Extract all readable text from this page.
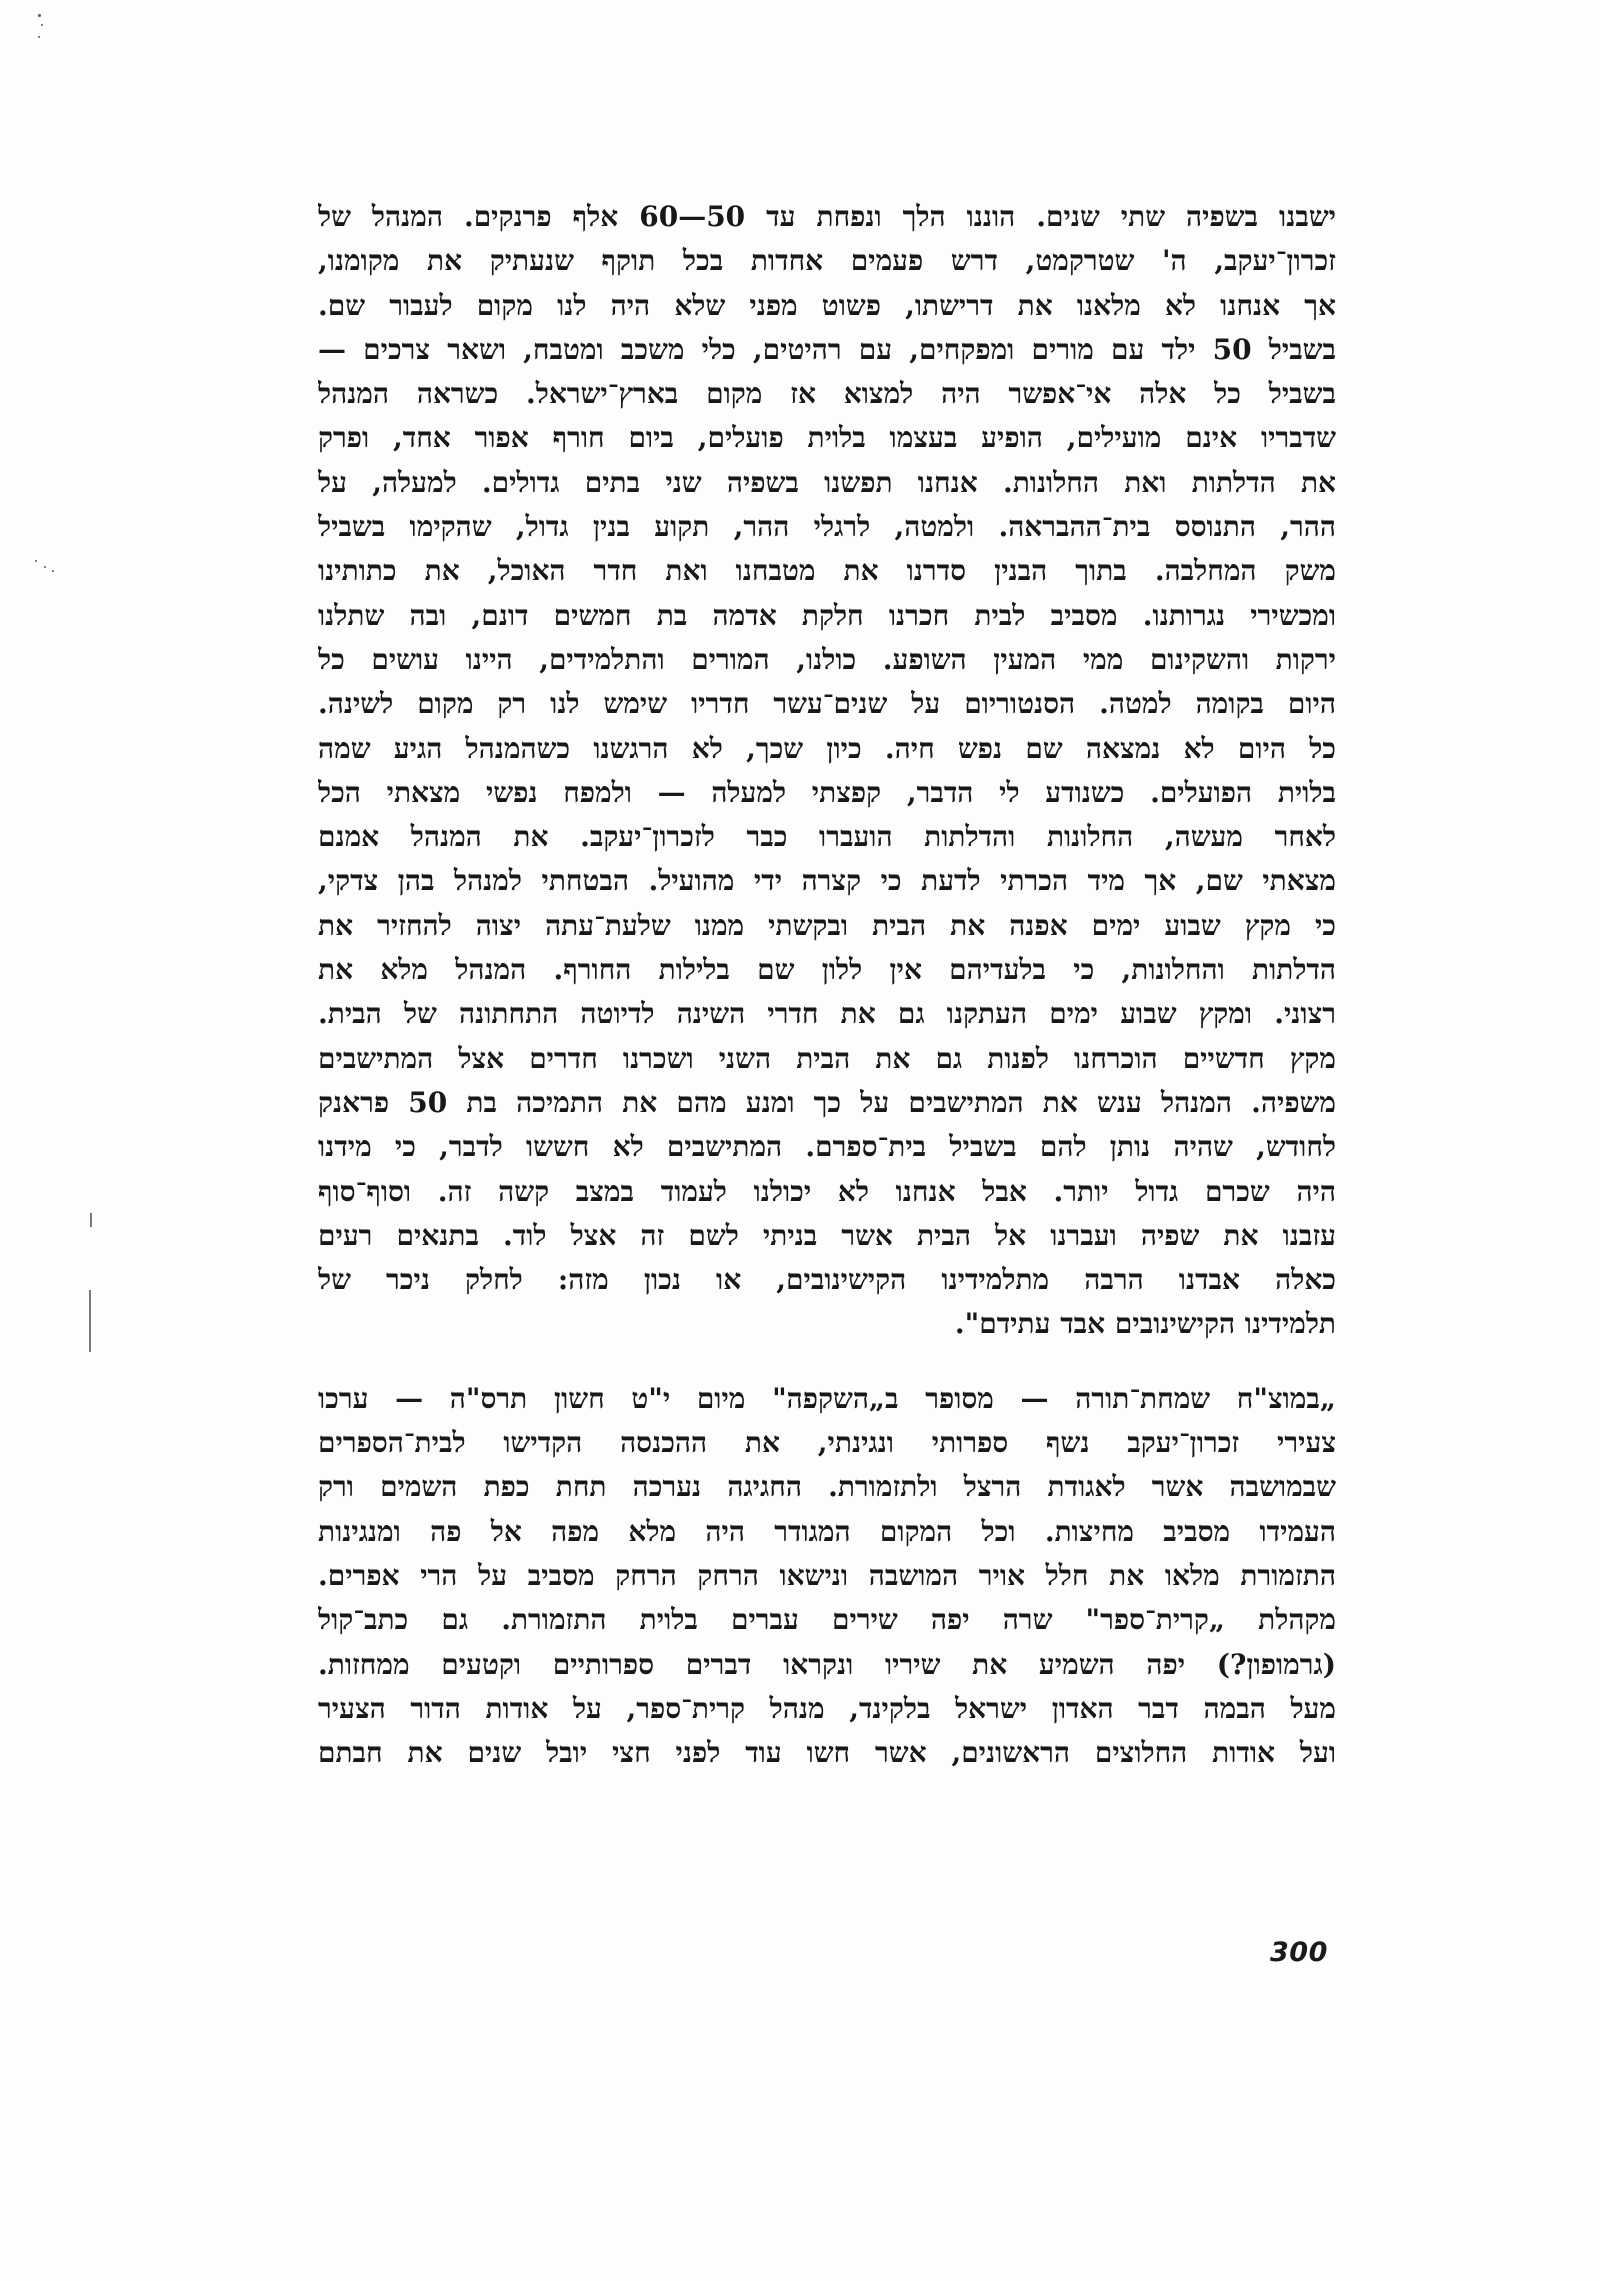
ישבנו בשפיה שתי שנים. הוננו הלך ונפחת עד 50—60 אלף פרנקים. המנהל של
זכרון־יעקב, ה' שטרקמט, דרש פעמים אחדות בכל תוקף שנעתיק את מקומנו,
אך אנחנו לא מלאנו את דרישתו, פשוט מפני שלא היה לנו מקום לעבור שם.
בשביל 50 ילד עם מורים ומפקחים, עם רהיטים, כלי משכב ומטבח, ושאר צרכים —
בשביל כל אלה אי־אפשר היה למצוא אז מקום בארץ־ישראל. כשראה המנהל
שדבריו אינם מועילים, הופיע בעצמו בלוית פועלים, ביום חורף אפור אחד, ופרק
את הדלתות ואת החלונות. אנחנו תפשנו בשפיה שני בתים גדולים. למעלה, על
ההר, התנוסס בית־ההבראה. ולמטה, לרגלי ההר, תקוע בנין גדול, שהקימו בשביל
משק המחלבה. בתוך הבנין סדרנו את מטבחנו ואת חדר האוכל, את כתותינו
ומכשירי נגרותנו. מסביב לבית חכרנו חלקת אדמה בת חמשים דונם, ובה שתלנו
ירקות והשקינום ממי המעין השופע. כולנו, המורים והתלמידים, היינו עושים כל
היום בקומה למטה. הסנטוריום על שנים־עשר חדריו שימש לנו רק מקום לשינה.
כל היום לא נמצאה שם נפש חיה. כיון שכך, לא הרגשנו כשהמנהל הגיע שמה
בלוית הפועלים. כשנודע לי הדבר, קפצתי למעלה — ולמפח נפשי מצאתי הכל
לאחר מעשה, החלונות והדלתות הועברו כבר לזכרון־יעקב. את המנהל אמנם
מצאתי שם, אך מיד הכרתי לדעת כי קצרה ידי מהועיל. הבטחתי למנהל בהן צדקי,
כי מקץ שבוע ימים אפנה את הבית ובקשתי ממנו שלעת־עתה יצוה להחזיר את
הדלתות והחלונות, כי בלעדיהם אין ללון שם בלילות החורף. המנהל מלא את
רצוני. ומקץ שבוע ימים העתקנו גם את חדרי השינה לדיוטה התחתונה של הבית.
מקץ חדשיים הוכרחנו לפנות גם את הבית השני ושכרנו חדרים אצל המתישבים
משפיה. המנהל ענש את המתישבים על כך ומנע מהם את התמיכה בת 50 פראנק
לחודש, שהיה נותן להם בשביל בית־ספרם. המתישבים לא חששו לדבר, כי מידנו
היה שכרם גדול יותר. אבל אנחנו לא יכולנו לעמוד במצב קשה זה. וסוף־סוף
עזבנו את שפיה ועברנו אל הבית אשר בניתי לשם זה אצל לוד. בתנאים רעים
כאלה אבדנו הרבה מתלמידינו הקישינובים, או נכון מזה: לחלק ניכר של
תלמידינו הקישינובים אבד עתידם".
„במוצ"ח שמחת־תורה — מסופר ב„השקפה" מיום י"ט חשון תרס"ה — ערכו
צעירי זכרון־יעקב נשף ספרותי ונגינתי, את ההכנסה הקדישו לבית־הספרים
שבמושבה אשר לאגודת הרצל ולתזמורת. החגיגה נערכה תחת כפת השמים ורק
העמידו מסביב מחיצות. וכל המקום המגודר היה מלא מפה אל פה ומנגינות
התזמורת מלאו את חלל אויר המושבה ונישאו הרחק הרחק מסביב על הרי אפרים.
מקהלת „קרית־ספר" שרה יפה שירים עברים בלוית התזמורת. גם כתב־קול
(גרמופון?) יפה השמיע את שיריו ונקראו דברים ספרותיים וקטעים ממחזות.
מעל הבמה דבר האדון ישראל בלקינד, מנהל קרית־ספר, על אודות הדור הצעיר
ועל אודות החלוצים הראשונים, אשר חשו עוד לפני חצי יובל שנים את חבתם
300
